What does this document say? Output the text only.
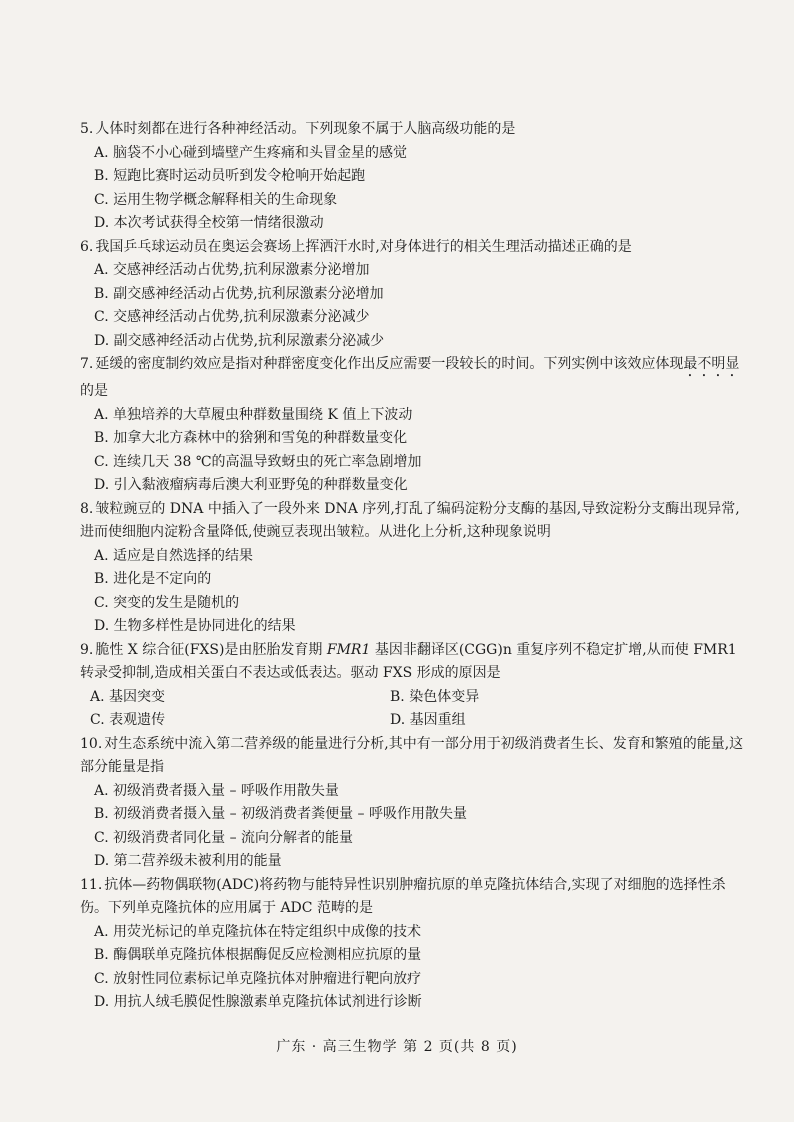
5. 人体时刻都在进行各种神经活动。下列现象不属于人脑高级功能的是

A. 脑袋不小心碰到墙壁产生疼痛和头冒金星的感觉
B. 短跑比赛时运动员听到发令枪响开始起跑
C. 运用生物学概念解释相关的生命现象
D. 本次考试获得全校第一情绪很激动

6. 我国乒乓球运动员在奥运会赛场上挥洒汗水时,对身体进行的相关生理活动描述正确的是

A. 交感神经活动占优势,抗利尿激素分泌增加
B. 副交感神经活动占优势,抗利尿激素分泌增加
C. 交感神经活动占优势,抗利尿激素分泌减少
D. 副交感神经活动占优势,抗利尿激素分泌减少

7. 延缓的密度制约效应是指对种群密度变化作出反应需要一段较长的时间。下列实例中该效应体现最不明显的是

A. 单独培养的大草履虫种群数量围绕 K 值上下波动
B. 加拿大北方森林中的猞猁和雪兔的种群数量变化
C. 连续几天 38 ℃的高温导致蚜虫的死亡率急剧增加
D. 引入黏液瘤病毒后澳大利亚野兔的种群数量变化

8. 皱粒豌豆的 DNA 中插入了一段外来 DNA 序列,打乱了编码淀粉分支酶的基因,导致淀粉分支酶出现异常,进而使细胞内淀粉含量降低,使豌豆表现出皱粒。从进化上分析,这种现象说明

A. 适应是自然选择的结果
B. 进化是不定向的
C. 突变的发生是随机的
D. 生物多样性是协同进化的结果

9. 脆性 X 综合征(FXS)是由胚胎发育期 FMR1 基因非翻译区(CGG)n 重复序列不稳定扩增,从而使 FMR1 转录受抑制,造成相关蛋白不表达或低表达。驱动 FXS 形成的原因是

A. 基因突变	B. 染色体变异
C. 表观遗传	D. 基因重组

10. 对生态系统中流入第二营养级的能量进行分析,其中有一部分用于初级消费者生长、发育和繁殖的能量,这部分能量是指

A. 初级消费者摄入量 – 呼吸作用散失量
B. 初级消费者摄入量 – 初级消费者粪便量 – 呼吸作用散失量
C. 初级消费者同化量 – 流向分解者的能量
D. 第二营养级未被利用的能量

11. 抗体—药物偶联物(ADC)将药物与能特异性识别肿瘤抗原的单克隆抗体结合,实现了对细胞的选择性杀伤。下列单克隆抗体的应用属于 ADC 范畴的是

A. 用荧光标记的单克隆抗体在特定组织中成像的技术
B. 酶偶联单克隆抗体根据酶促反应检测相应抗原的量
C. 放射性同位素标记单克隆抗体对肿瘤进行靶向放疗
D. 用抗人绒毛膜促性腺激素单克隆抗体试剂进行诊断
广东 · 高三生物学 第 2 页(共 8 页)
